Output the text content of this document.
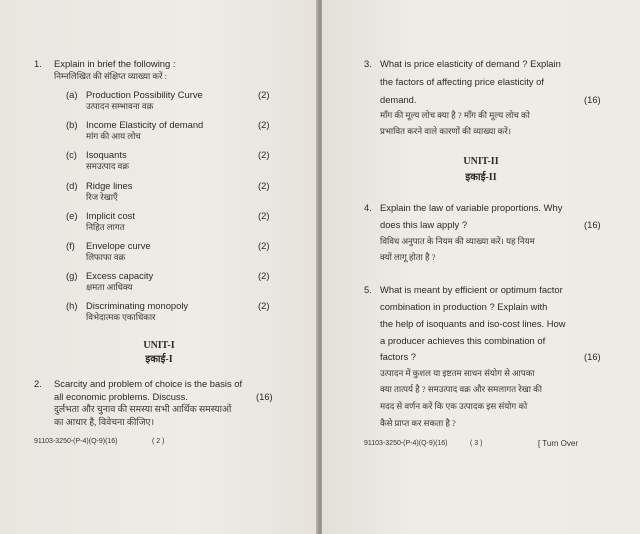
1. Explain in brief the following :
निम्नलिखित की संक्षिप्त व्याख्या करें :
(a) Production Possibility Curve
उत्पादन सम्भावना वक्र
(2)
(b) Income Elasticity of demand
मांग की आय लोच
(2)
(c) Isoquants
समउत्पाद वक्र
(2)
(d) Ridge lines
रिज रेखाएँ
(2)
(e) Implicit cost
निहित लागत
(2)
(f) Envelope curve
लिफाफा वक्र
(2)
(g) Excess capacity
क्षमता आधिक्य
(2)
(h) Discriminating monopoly
विभेदात्मक एकाधिकार
(2)
UNIT-I
इकाई-I
2. Scarcity and problem of choice is the basis of
all economic problems. Discuss.	(16)
दुर्लभता और चुनाव की समस्या सभी आर्थिक समस्याओं
का आधार है, विवेचना कीजिए।
91103-3250-(P-4)(Q-9)(16)	( 2 )
3. What is price elasticity of demand ? Explain
the factors of affecting price elasticity of
demand.	(16)
माँग की मूल्य लोच क्या है ? माँग की मूल्य लोच को
प्रभावित करने वाले कारणों की व्याख्या करें।
UNIT-II
इकाई-II
4. Explain the law of variable proportions. Why
does this law apply ?	(16)
विविध अनुपात के नियम की व्याख्या करें। यह नियम
क्यों लागू होता है ?
5. What is meant by efficient or optimum factor
combination in production ? Explain with
the help of isoquants and iso-cost lines. How
a producer achieves this combination of
factors ?	(16)
उत्पादन में कुशल या इष्टतम साधन संयोग से आपका
क्या तात्पर्य है ? समउत्पाद वक्र और समलागत रेखा की
मदद से वर्णन करें कि एक उत्पादक इस संयोग को
कैसे प्राप्त कर सकता है ?
91103-3250-(P-4)(Q-9)(16)	( 3 )	[ Turn Over
